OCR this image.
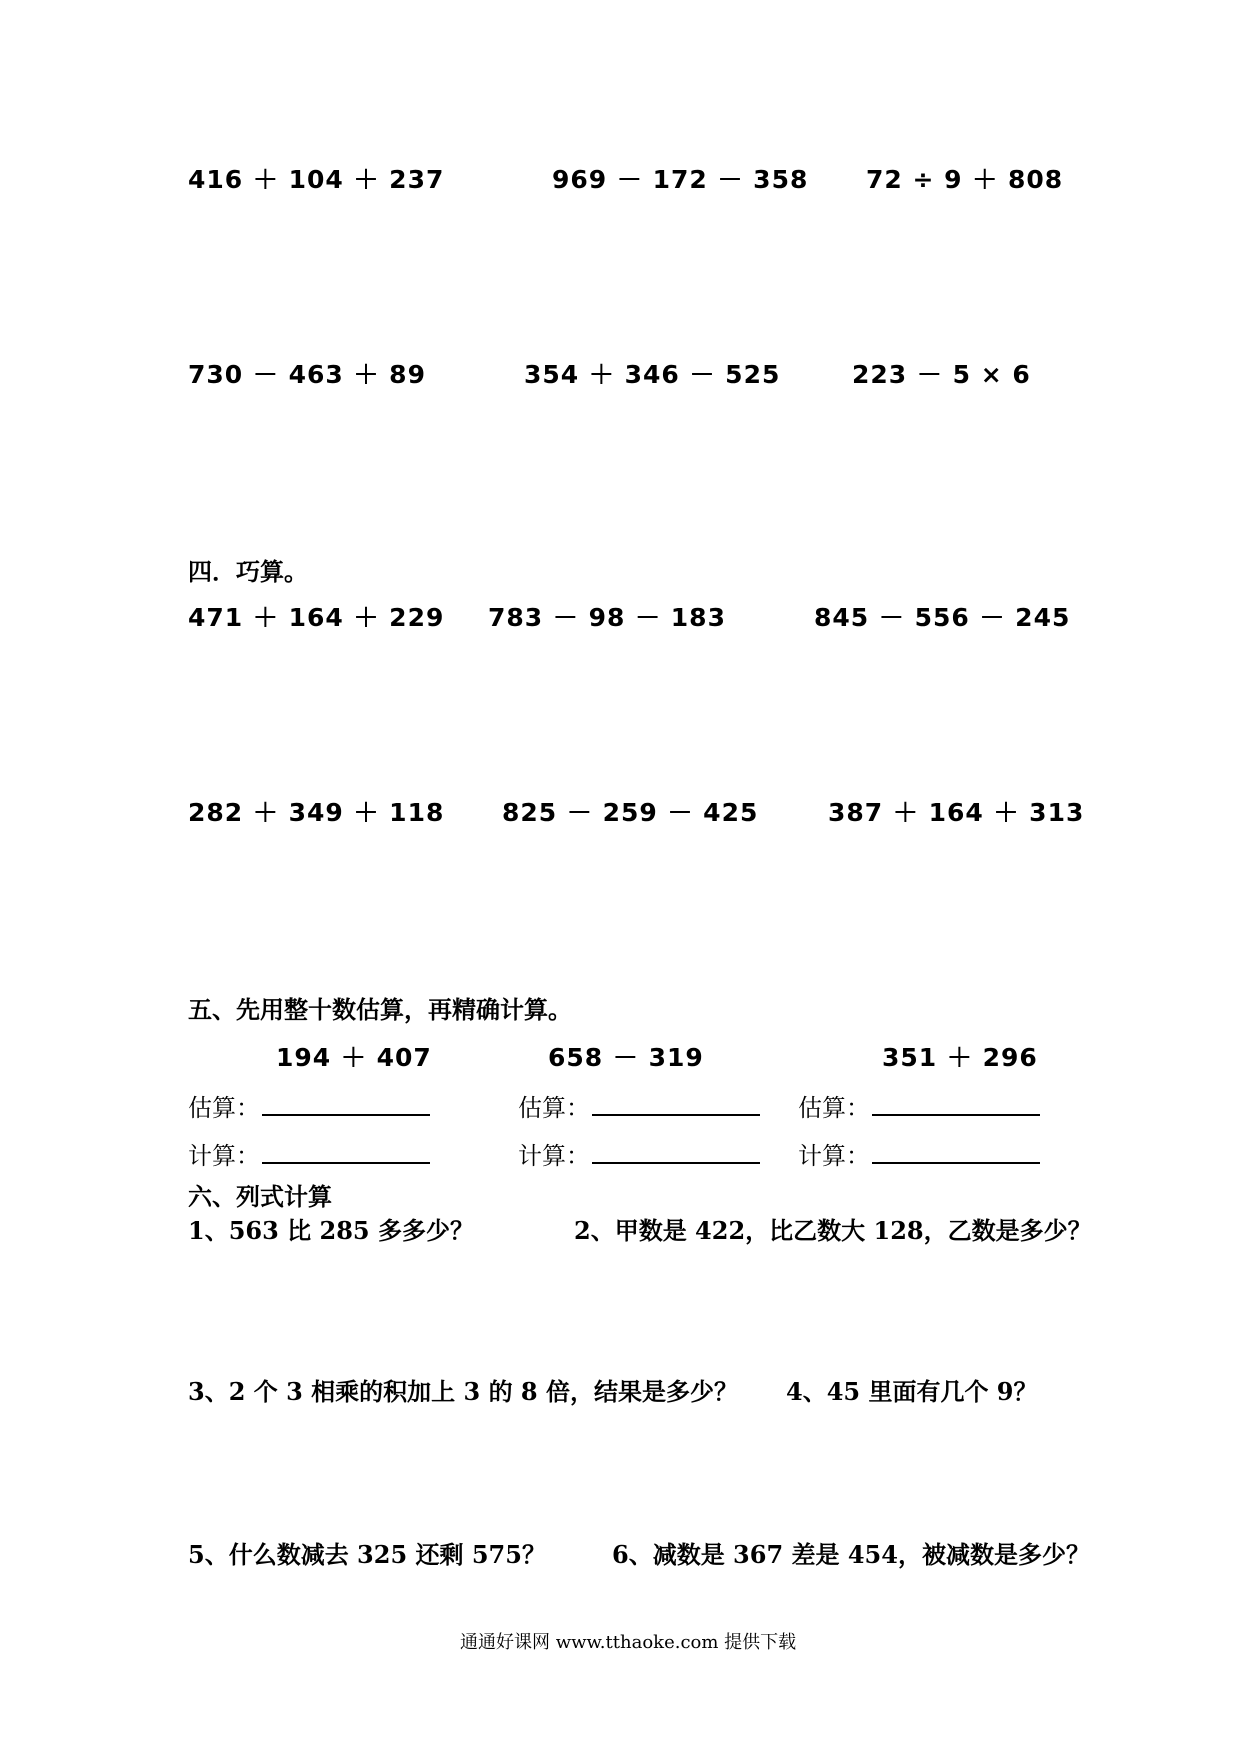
416 ＋ 104 ＋ 237	969 － 172 － 358 72 ÷ 9 ＋ 808
730 － 463 ＋ 89	354 ＋ 346 － 525	223 － 5 × 6
四．巧算。
471 ＋ 164 ＋ 229 783 － 98 － 183	845 － 556 － 245
282 ＋ 349 ＋ 118 825 － 259 － 425	387 ＋ 164 ＋ 313
五、先用整十数估算，再精确计算。
194 ＋ 407	658 － 319	351 ＋ 296
估算：	估算：	估算：
计算：	计算：	计算：
六、列式计算
1、563 比 285 多多少？	2、甲数是 422，比乙数大 128，乙数是多少？
3、2 个 3 相乘的积加上 3 的 8 倍，结果是多少？ 4、45 里面有几个 9？
5、什么数减去 325 还剩 575？	6、减数是 367 差是 454，被减数是多少？
通通好课网 www.tthaoke.com 提供下载
